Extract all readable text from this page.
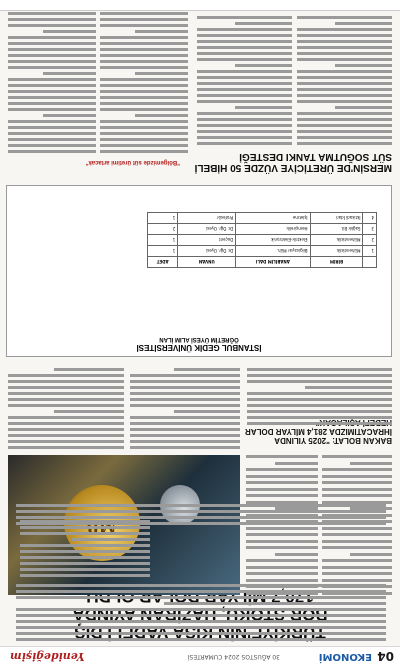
04
EKONOMİ
30 AĞUSTOS 2024 CUMARTESİ
Yenideğişim
BAKAN BOLAT: "2025 YILINDA İHRACATIMIZDA 281,4 MİLYAR DOLAR
İSTANBUL GEDİK ÜNİVERSİTESİ
ÖĞRETİM ÜYESİ ALIM İLAN
	BİRİM	ANABİLİM DALI	UNVAN	ADET
1	Mühendislik	Bilgisayar Müh.	Dr. Öğr. Üyesi	1
2	Mühendislik	Elektrik-Elektronik	Doçent	1
3	Sağlık Bil.	Hemşirelik	Dr. Öğr. Üyesi	2
4	İktisadi İdari	İşletme	Profesör	1
MERSİN'DE ÜRETİCİYE VÜZDE 50 HİBELİ SÜT SOĞUTMA TANKI DESTEĞİ
"Bölgemizde süt üretimi artacak"
